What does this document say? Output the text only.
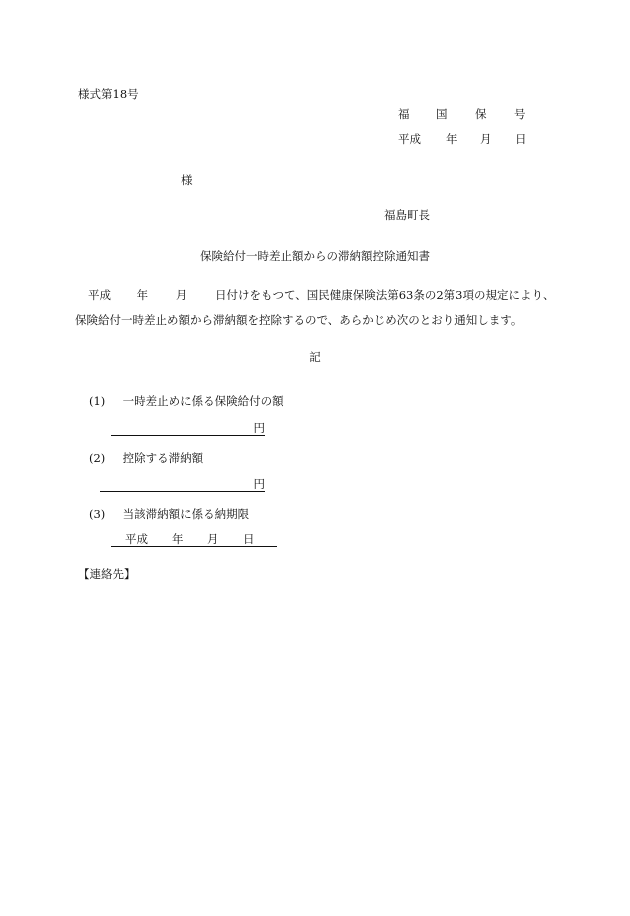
様式第18号
福 国 保 号
平成 年 月 日
様
福島町長
保険給付一時差止額からの滞納額控除通知書
平成 年 月 日付けをもつて、国民健康保険法第63条の2第3項の規定により、
保険給付一時差止め額から滞納額を控除するので、あらかじめ次のとおり通知します。
記
(1) 一時差止めに係る保険給付の額
円
(2) 控除する滞納額
円
(3) 当該滞納額に係る納期限
平成 年 月 日
【連絡先】
